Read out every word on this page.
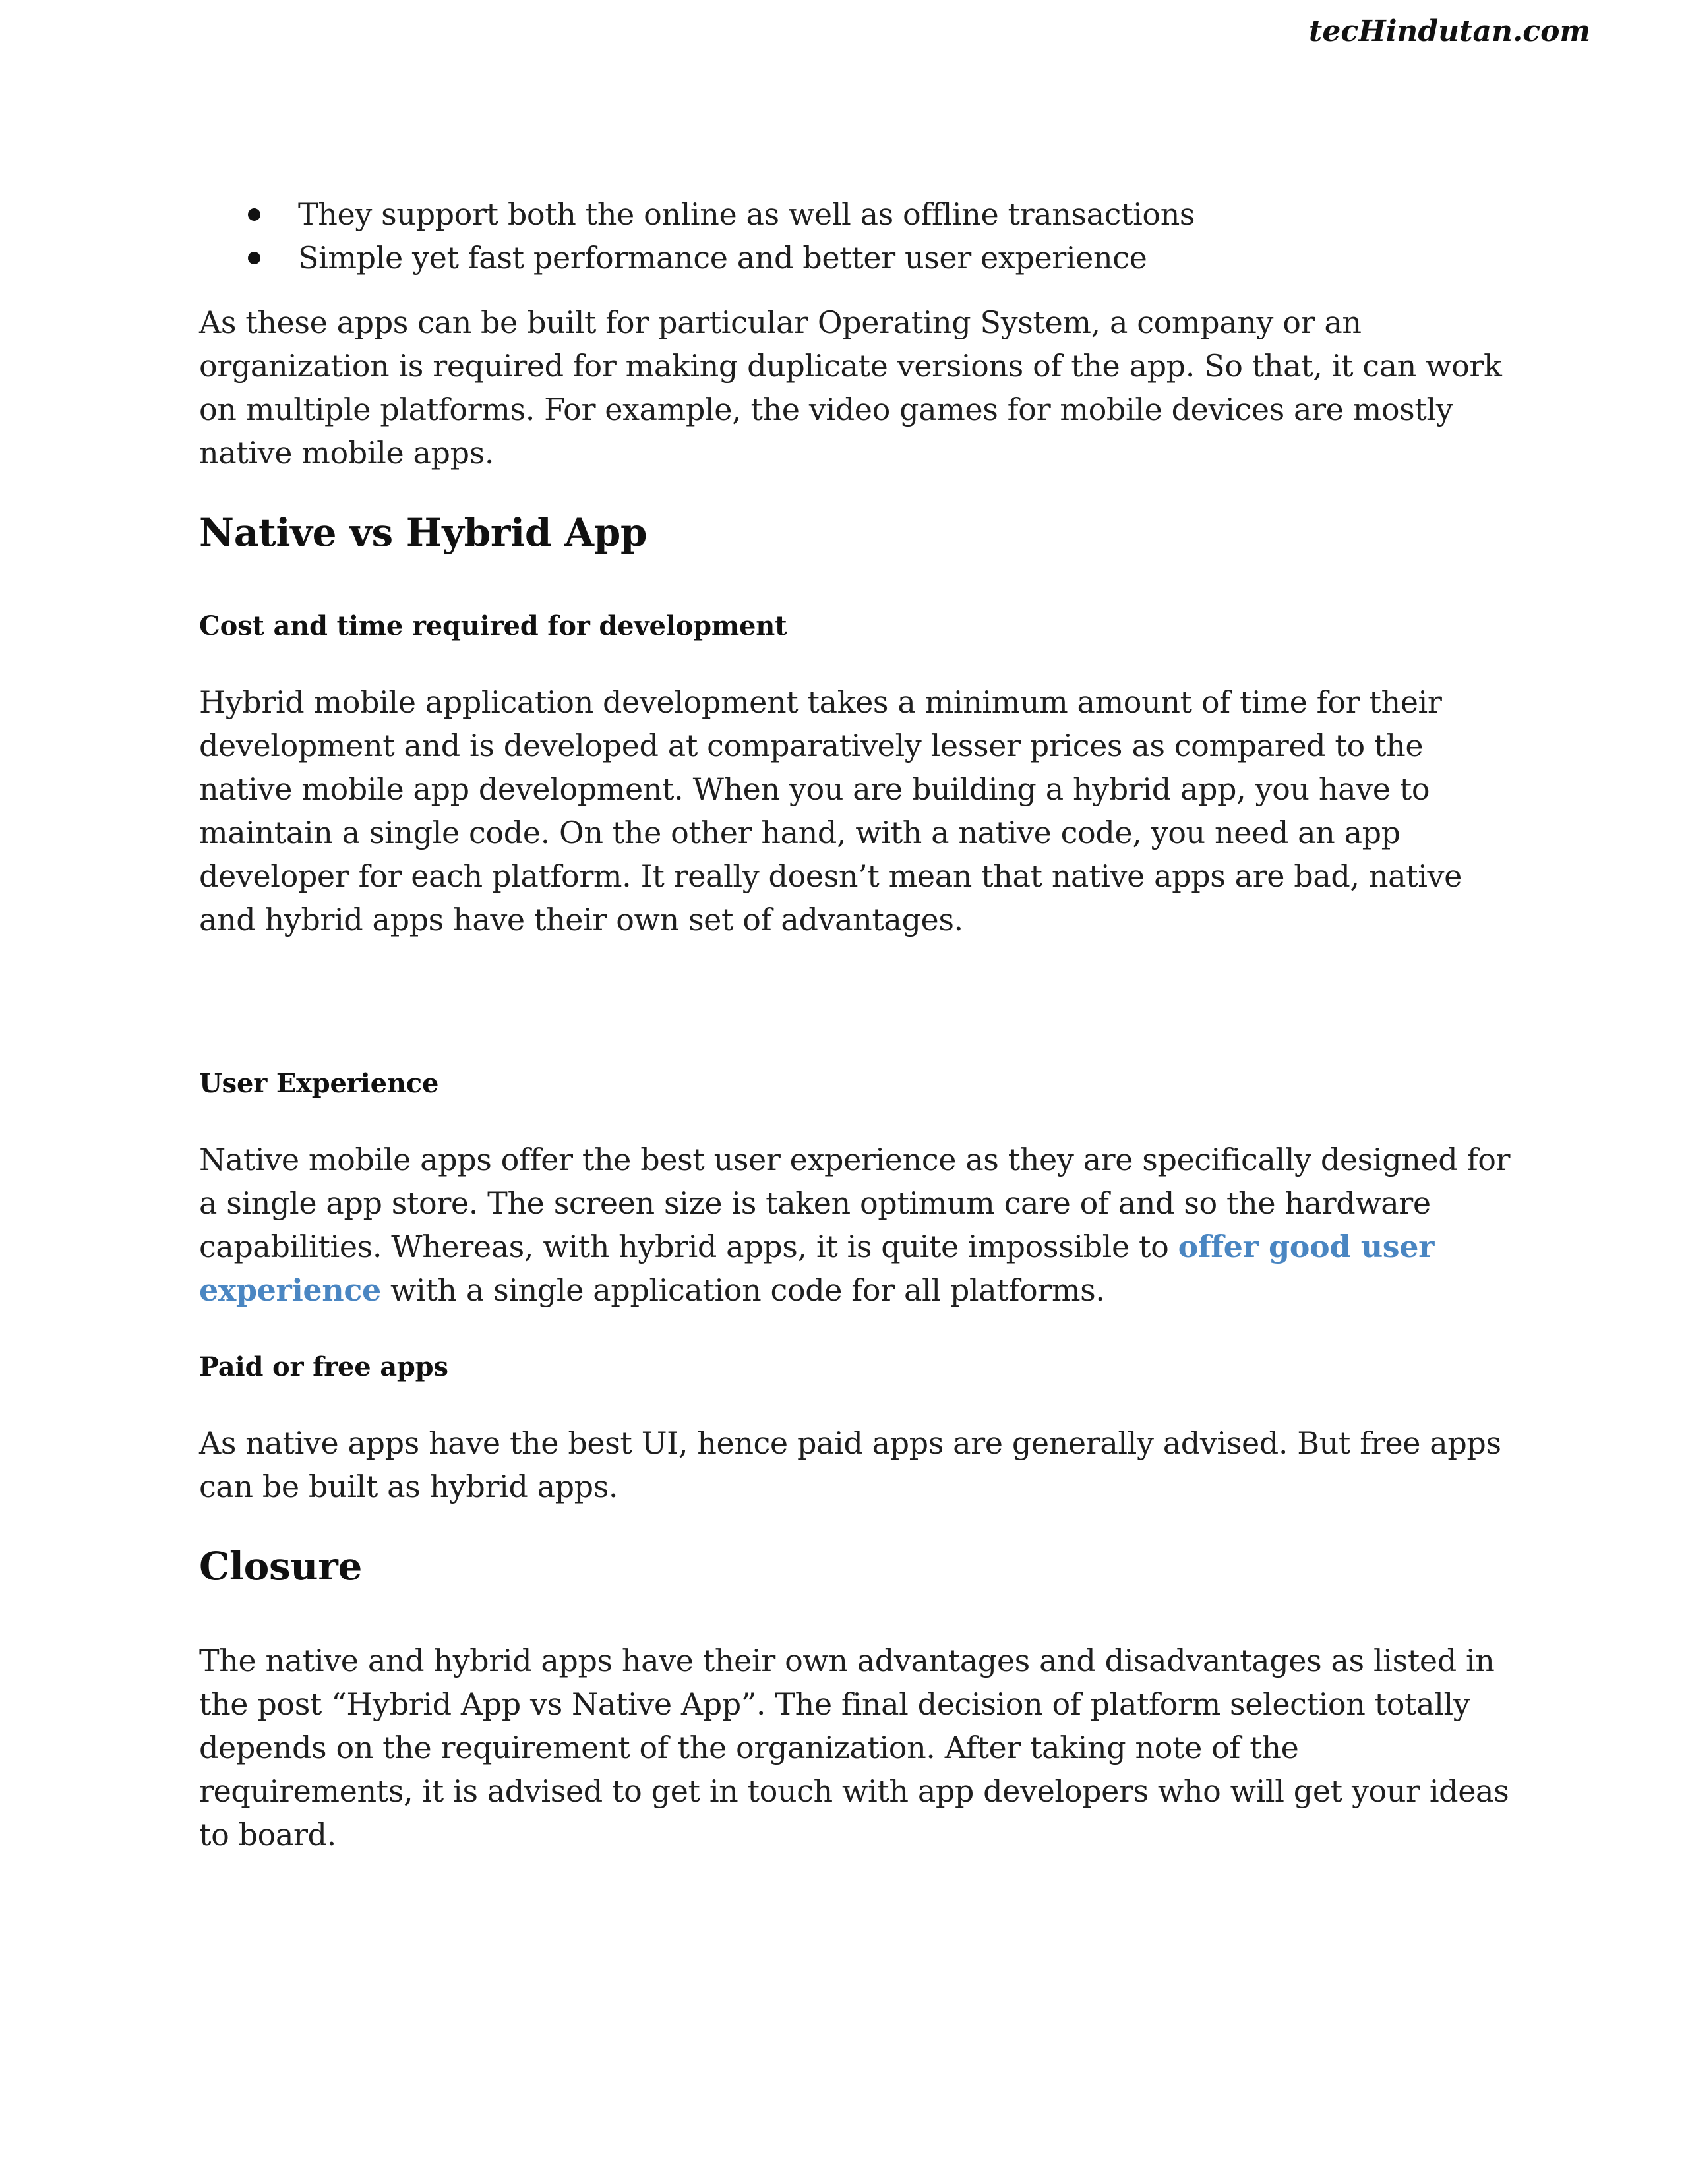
tecHindutan.com
They support both the online as well as offline transactions
Simple yet fast performance and better user experience

As these apps can be built for particular Operating System, a company or an organization is required for making duplicate versions of the app. So that, it can work on multiple platforms. For example, the video games for mobile devices are mostly native mobile apps.

Native vs Hybrid App
Cost and time required for development

Hybrid mobile application development takes a minimum amount of time for their development and is developed at comparatively lesser prices as compared to the native mobile app development. When you are building a hybrid app, you have to maintain a single code. On the other hand, with a native code, you need an app developer for each platform. It really doesn’t mean that native apps are bad, native and hybrid apps have their own set of advantages.

User Experience

Native mobile apps offer the best user experience as they are specifically designed for a single app store. The screen size is taken optimum care of and so the hardware capabilities. Whereas, with hybrid apps, it is quite impossible to offer good user experience with a single application code for all platforms.

Paid or free apps

As native apps have the best UI, hence paid apps are generally advised. But free apps can be built as hybrid apps.

Closure

The native and hybrid apps have their own advantages and disadvantages as listed in the post “Hybrid App vs Native App”. The final decision of platform selection totally depends on the requirement of the organization. After taking note of the requirements, it is advised to get in touch with app developers who will get your ideas to board.
